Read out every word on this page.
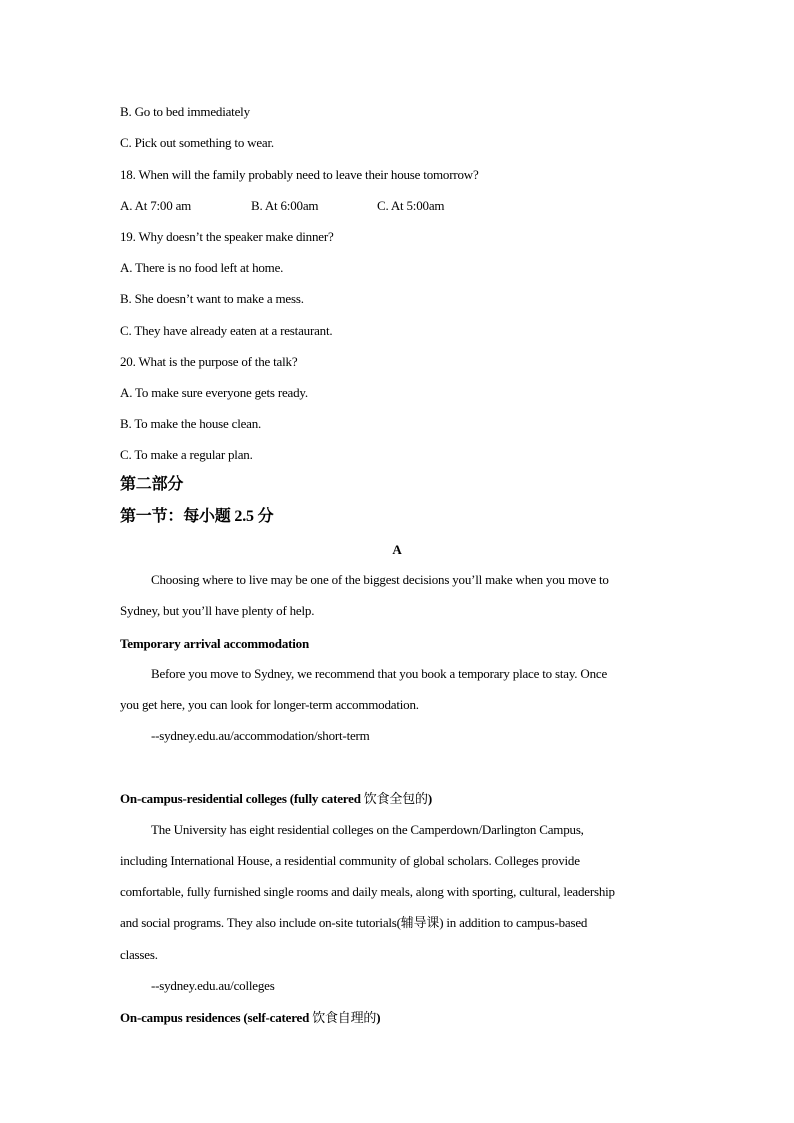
B. Go to bed immediately
C. Pick out something to wear.
18. When will the family probably need to leave their house tomorrow?
A. At 7:00 am	B. At 6:00am	C. At 5:00am
19. Why doesn’t the speaker make dinner?
A. There is no food left at home.
B. She doesn’t want to make a mess.
C. They have already eaten at a restaurant.
20. What is the purpose of the talk?
A. To make sure everyone gets ready.
B. To make the house clean.
C. To make a regular plan.
第二部分
第一节：每小题 2.5 分
A
Choosing where to live may be one of the biggest decisions you’ll make when you move to
Sydney, but you’ll have plenty of help.
Temporary arrival accommodation
Before you move to Sydney, we recommend that you book a temporary place to stay. Once
you get here, you can look for longer-term accommodation.
--sydney.edu.au/accommodation/short-term
On-campus-residential colleges (fully catered 饮食全包的)
The University has eight residential colleges on the Camperdown/Darlington Campus,
including International House, a residential community of global scholars. Colleges provide
comfortable, fully furnished single rooms and daily meals, along with sporting, cultural, leadership
and social programs. They also include on-site tutorials(辅导课) in addition to campus-based
classes.
--sydney.edu.au/colleges
On-campus residences (self-catered 饮食自理的)
